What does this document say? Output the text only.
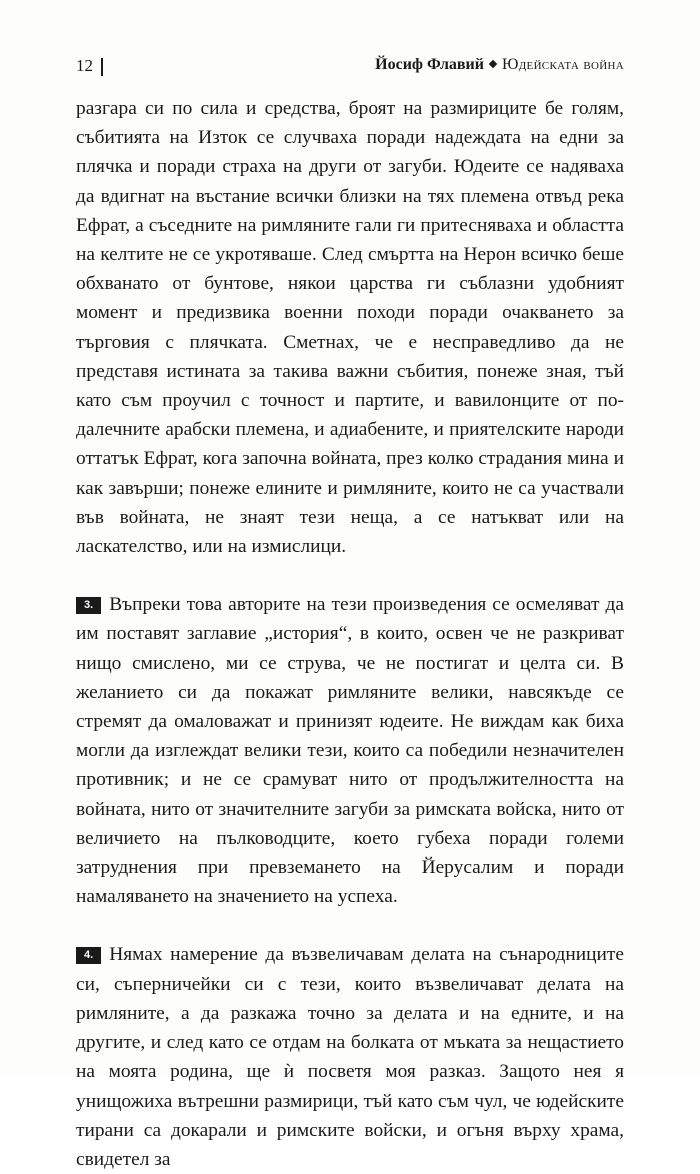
12	Йосиф Флавий Юдейската война

разгара си по сила и средства, броят на размириците бе голям, събитията на Изток се случваха поради надеждата на едни за плячка и поради страха на други от загуби. Юдеите се надяваха да вдигнат на въстание всички близки на тях племена отвъд река Ефрат, а съседните на римляните гали ги притесняваха и областта на келтите не се укротяваше. След смъртта на Нерон всичко беше обхванато от бунтове, някои царства ги съблазни удобният момент и предизвика военни походи поради очакването за търговия с плячката. Сметнах, че е несправедливо да не представя истината за такива важни събития, понеже зная, тъй като съм проучил с точност и партите, и вавилонците от по-далечните арабски племена, и адиабените, и приятелските народи оттатък Ефрат, кога започна войната, през колко страдания мина и как завърши; понеже елините и римляните, които не са участвали във войната, не знаят тези неща, а се натъкват или на ласкателство, или на измислици.

3. Въпреки това авторите на тези произведения се осмеляват да им поставят заглавие „история“, в които, освен че не разкриват нищо смислено, ми се струва, че не постигат и целта си. В желанието си да покажат римляните велики, навсякъде се стремят да омаловажат и принизят юдеите. Не виждам как биха могли да изглеждат велики тези, които са победили незначителен противник; и не се срамуват нито от продължителността на войната, нито от значителните загуби за римската войска, нито от величието на пълководците, което губеха поради големи затруднения при превземането на Йерусалим и поради намаляването на значението на успеха.

4. Нямах намерение да възвеличавам делата на сънародниците си, съперничейки си с тези, които възвеличават делата на римляните, а да разкажа точно за делата и на едните, и на другите, и след като се отдам на болката от мъката за нещастието на моята родина, ще ѝ посветя моя разказ. Защото нея я унищожиха вътрешни размирици, тъй като съм чул, че юдейските тирани са докарали и римските войски, и огъня върху храма, свидетел за
